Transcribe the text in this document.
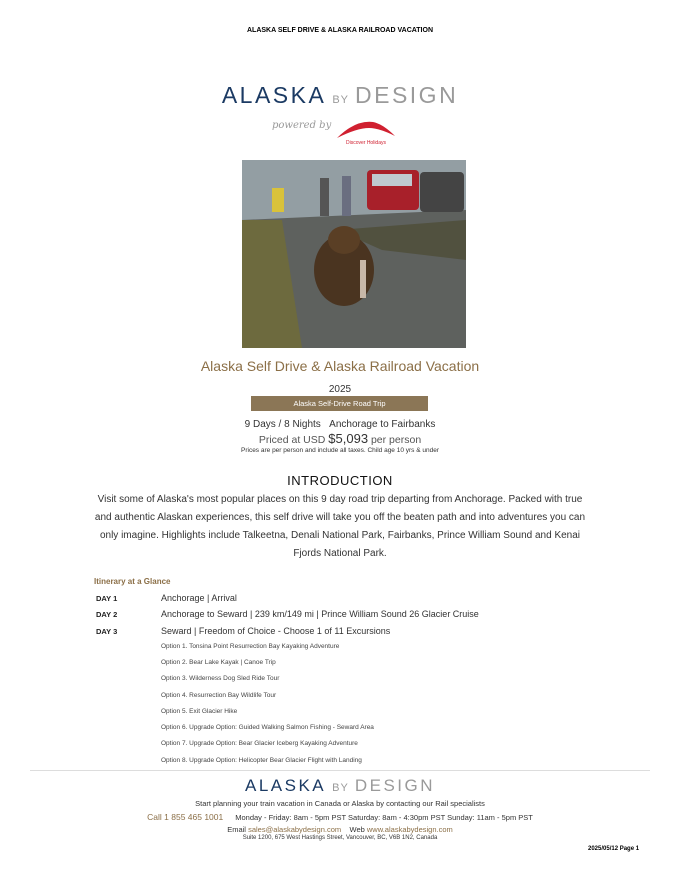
ALASKA SELF DRIVE & ALASKA RAILROAD VACATION
ALASKA BY DESIGN
powered by
Discover Holidays
Alaska Self Drive & Alaska Railroad Vacation
2025
Alaska Self-Drive Road Trip
9 Days / 8 Nights Anchorage to Fairbanks
Priced at USD $5,093 per person
Prices are per person and include all taxes. Child age 10 yrs & under
INTRODUCTION
Visit some of Alaska's most popular places on this 9 day road trip departing from Anchorage. Packed with true and authentic Alaskan experiences, this self drive will take you off the beaten path and into adventures you can only imagine. Highlights include Talkeetna, Denali National Park, Fairbanks, Prince William Sound and Kenai Fjords National Park.
Itinerary at a Glance
DAY 1	Anchorage | Arrival
DAY 2	Anchorage to Seward | 239 km/149 mi | Prince William Sound 26 Glacier Cruise
DAY 3	Seward | Freedom of Choice - Choose 1 of 11 Excursions
Option 1. Tonsina Point Resurrection Bay Kayaking Adventure
Option 2. Bear Lake Kayak | Canoe Trip
Option 3. Wilderness Dog Sled Ride Tour
Option 4. Resurrection Bay Wildlife Tour
Option 5. Exit Glacier Hike
Option 6. Upgrade Option: Guided Walking Salmon Fishing - Seward Area
Option 7. Upgrade Option: Bear Glacier Iceberg Kayaking Adventure
Option 8. Upgrade Option: Helicopter Bear Glacier Flight with Landing
ALASKA BY DESIGN
Start planning your train vacation in Canada or Alaska by contacting our Rail specialists
Call 1 855 465 1001 Monday - Friday: 8am - 5pm PST Saturday: 8am - 4:30pm PST Sunday: 11am - 5pm PST
Email sales@alaskabydesign.com Web www.alaskabydesign.com
Suite 1200, 675 West Hastings Street, Vancouver, BC, V6B 1N2, Canada
2025/05/12 Page 1
